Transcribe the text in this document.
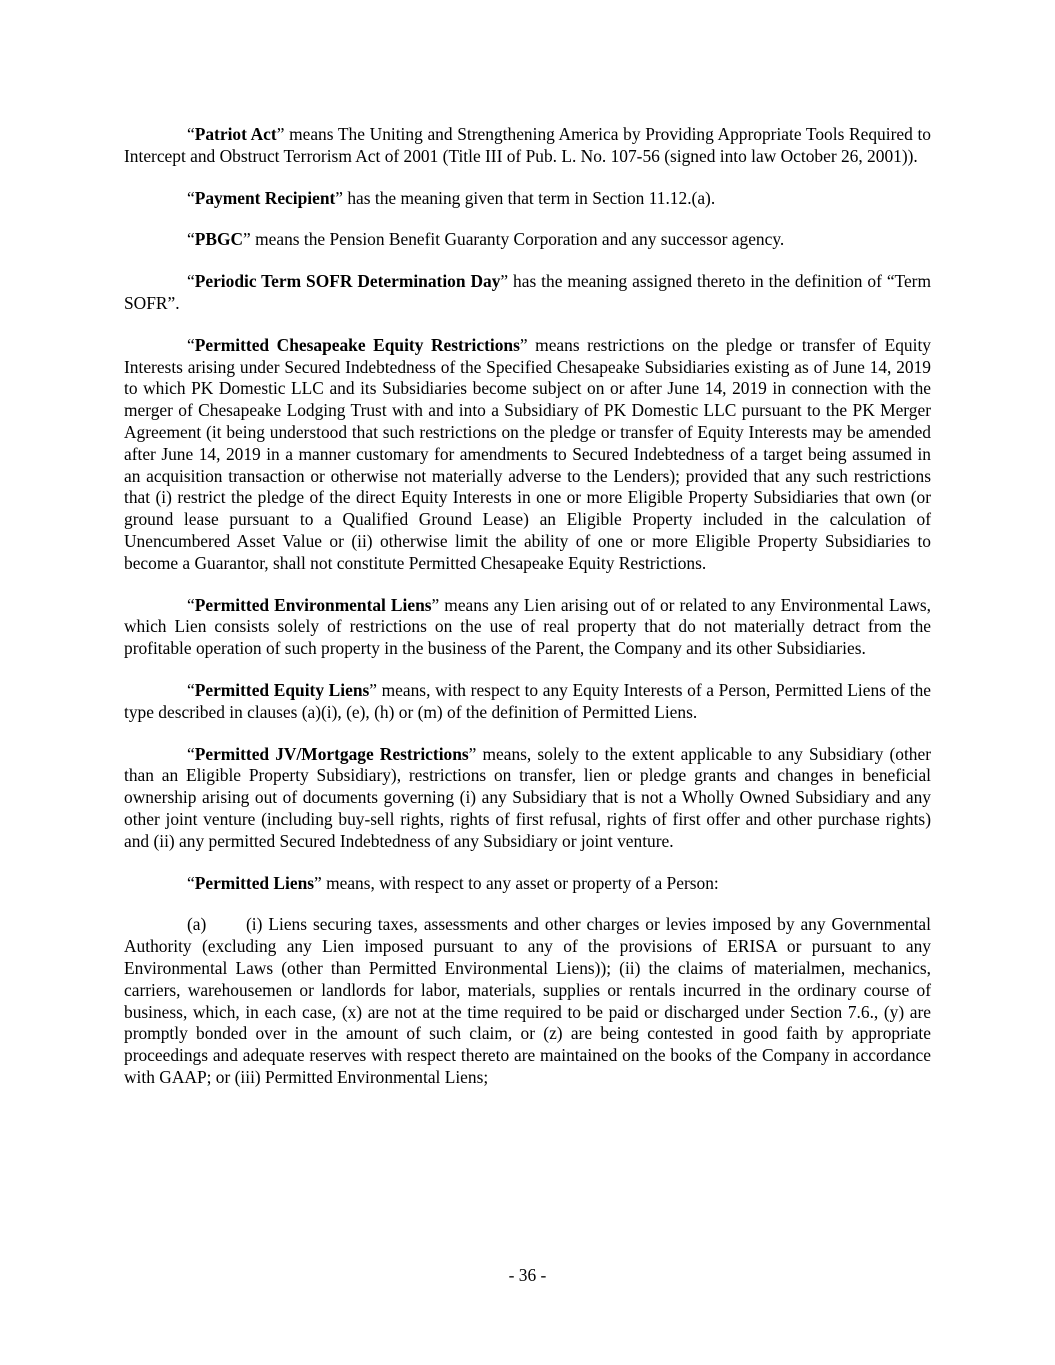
“Patriot Act” means The Uniting and Strengthening America by Providing Appropriate Tools Required to Intercept and Obstruct Terrorism Act of 2001 (Title III of Pub. L. No. 107-56 (signed into law October 26, 2001)).

“Payment Recipient” has the meaning given that term in Section 11.12.(a).

“PBGC” means the Pension Benefit Guaranty Corporation and any successor agency.

“Periodic Term SOFR Determination Day” has the meaning assigned thereto in the definition of “Term SOFR”.

“Permitted Chesapeake Equity Restrictions” means restrictions on the pledge or transfer of Equity Interests arising under Secured Indebtedness of the Specified Chesapeake Subsidiaries existing as of June 14, 2019 to which PK Domestic LLC and its Subsidiaries become subject on or after June 14, 2019 in connection with the merger of Chesapeake Lodging Trust with and into a Subsidiary of PK Domestic LLC pursuant to the PK Merger Agreement (it being understood that such restrictions on the pledge or transfer of Equity Interests may be amended after June 14, 2019 in a manner customary for amendments to Secured Indebtedness of a target being assumed in an acquisition transaction or otherwise not materially adverse to the Lenders); provided that any such restrictions that (i) restrict the pledge of the direct Equity Interests in one or more Eligible Property Subsidiaries that own (or ground lease pursuant to a Qualified Ground Lease) an Eligible Property included in the calculation of Unencumbered Asset Value or (ii) otherwise limit the ability of one or more Eligible Property Subsidiaries to become a Guarantor, shall not constitute Permitted Chesapeake Equity Restrictions.

“Permitted Environmental Liens” means any Lien arising out of or related to any Environmental Laws, which Lien consists solely of restrictions on the use of real property that do not materially detract from the profitable operation of such property in the business of the Parent, the Company and its other Subsidiaries.

“Permitted Equity Liens” means, with respect to any Equity Interests of a Person, Permitted Liens of the type described in clauses (a)(i), (e), (h) or (m) of the definition of Permitted Liens.

“Permitted JV/Mortgage Restrictions” means, solely to the extent applicable to any Subsidiary (other than an Eligible Property Subsidiary), restrictions on transfer, lien or pledge grants and changes in beneficial ownership arising out of documents governing (i) any Subsidiary that is not a Wholly Owned Subsidiary and any other joint venture (including buy-sell rights, rights of first refusal, rights of first offer and other purchase rights) and (ii) any permitted Secured Indebtedness of any Subsidiary or joint venture.

“Permitted Liens” means, with respect to any asset or property of a Person:

(a) (i) Liens securing taxes, assessments and other charges or levies imposed by any Governmental Authority (excluding any Lien imposed pursuant to any of the provisions of ERISA or pursuant to any Environmental Laws (other than Permitted Environmental Liens)); (ii) the claims of materialmen, mechanics, carriers, warehousemen or landlords for labor, materials, supplies or rentals incurred in the ordinary course of business, which, in each case, (x) are not at the time required to be paid or discharged under Section 7.6., (y) are promptly bonded over in the amount of such claim, or (z) are being contested in good faith by appropriate proceedings and adequate reserves with respect thereto are maintained on the books of the Company in accordance with GAAP; or (iii) Permitted Environmental Liens;

- 36 -
